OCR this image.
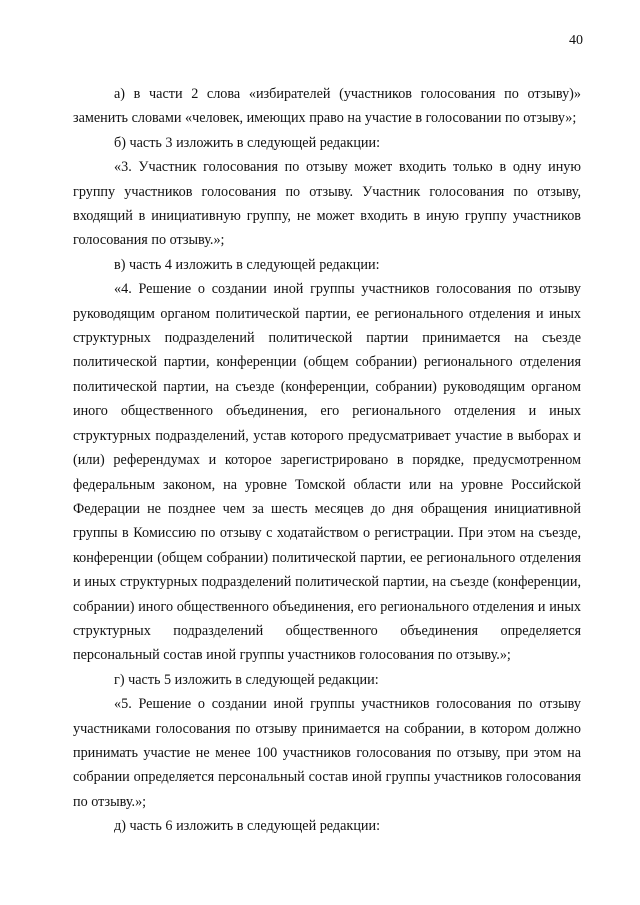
40

а) в части 2 слова «избирателей (участников голосования по отзыву)» заменить словами «человек, имеющих право на участие в голосовании по отзыву»;

б) часть 3 изложить в следующей редакции:

«3. Участник голосования по отзыву может входить только в одну иную группу участников голосования по отзыву. Участник голосования по отзыву, входящий в инициативную группу, не может входить в иную группу участников голосования по отзыву.»;

в) часть 4 изложить в следующей редакции:

«4. Решение о создании иной группы участников голосования по отзыву руководящим органом политической партии, ее регионального отделения и иных структурных подразделений политической партии принимается на съезде политической партии, конференции (общем собрании) регионального отделения политической партии, на съезде (конференции, собрании) руководящим органом иного общественного объединения, его регионального отделения и иных структурных подразделений, устав которого предусматривает участие в выборах и (или) референдумах и которое зарегистрировано в порядке, предусмотренном федеральным законом, на уровне Томской области или на уровне Российской Федерации не позднее чем за шесть месяцев до дня обращения инициативной группы в Комиссию по отзыву с ходатайством о регистрации. При этом на съезде, конференции (общем собрании) политической партии, ее регионального отделения и иных структурных подразделений политической партии, на съезде (конференции, собрании) иного общественного объединения, его регионального отделения и иных структурных подразделений общественного объединения определяется персональный состав иной группы участников голосования по отзыву.»;

г) часть 5 изложить в следующей редакции:

«5. Решение о создании иной группы участников голосования по отзыву участниками голосования по отзыву принимается на собрании, в котором должно принимать участие не менее 100 участников голосования по отзыву, при этом на собрании определяется персональный состав иной группы участников голосования по отзыву.»;

д) часть 6 изложить в следующей редакции:
